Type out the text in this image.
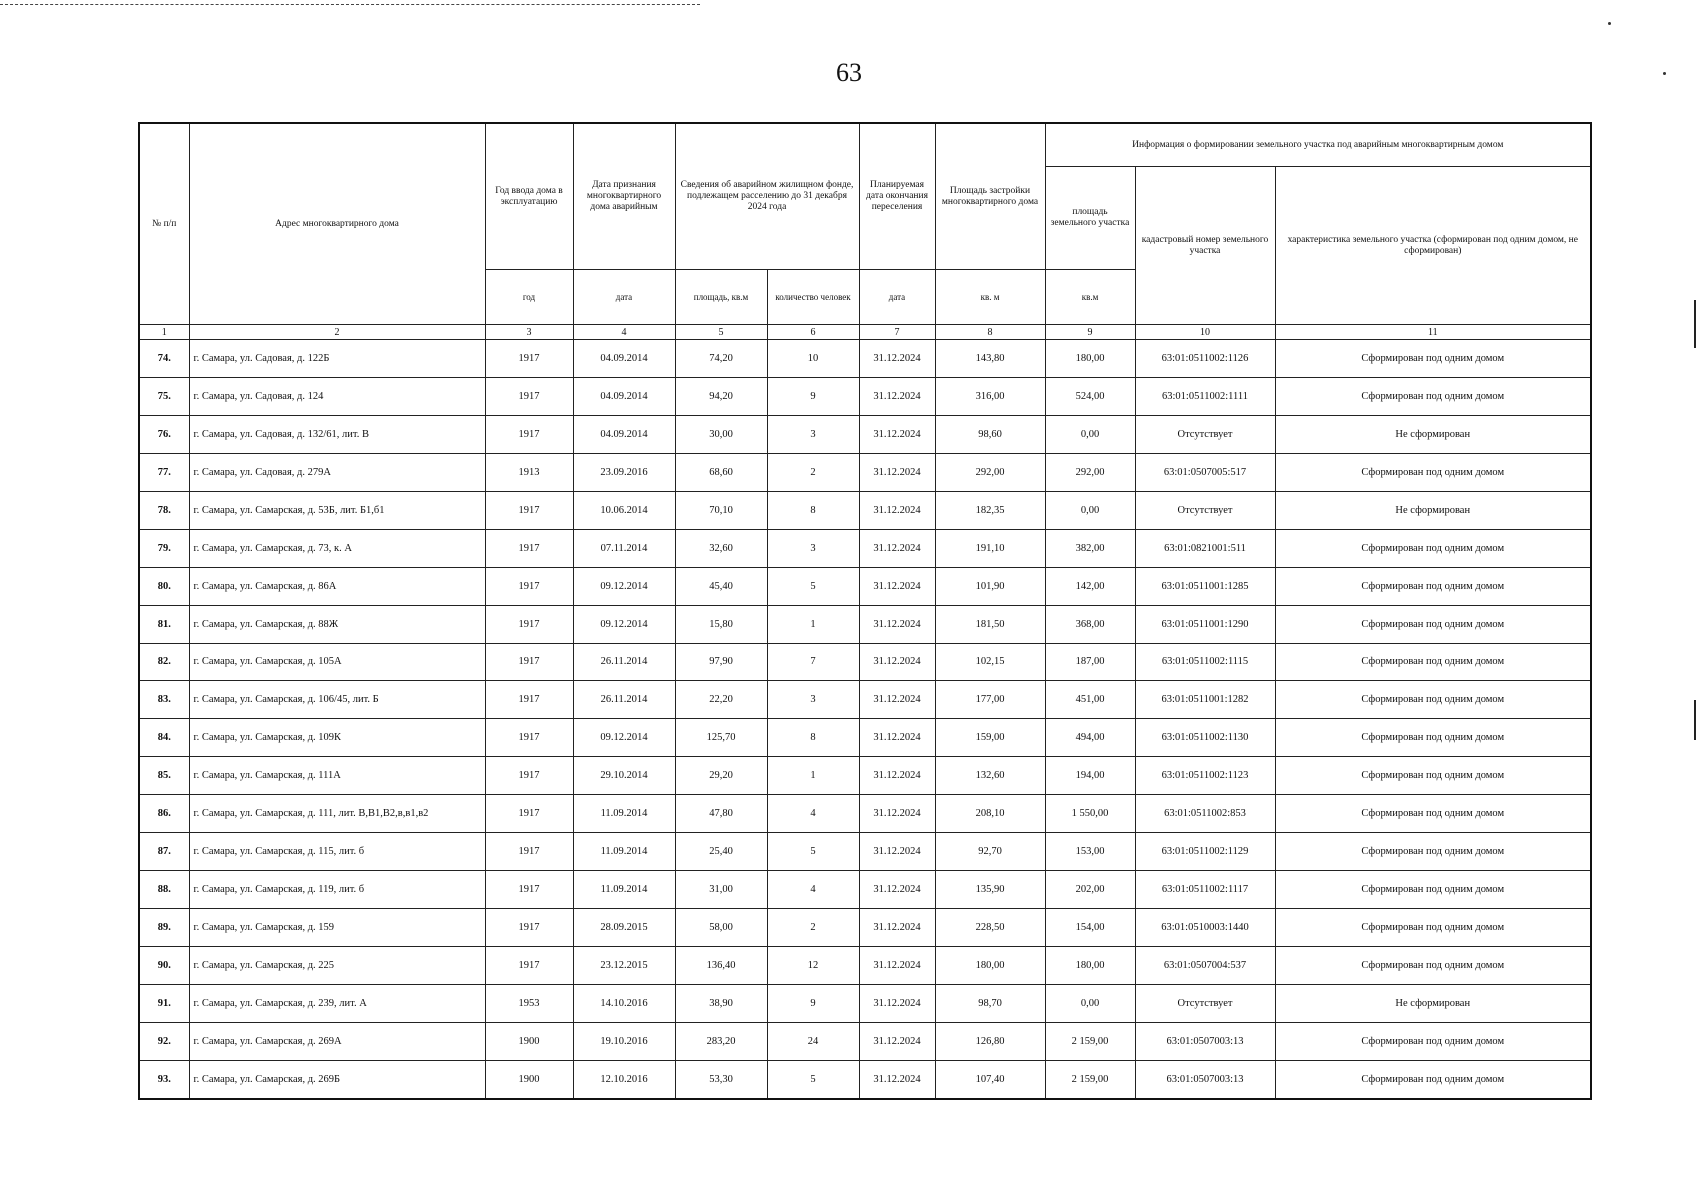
63
№ п/п	Адрес многоквартирного дома	Год ввода дома в эксплуатацию	Дата признания многоквартирного дома аварийным	Сведения об аварийном жилищном фонде, подлежащем расселению до 31 декабря 2024 года		Планируемая дата окончания переселения	Площадь застройки многоквартирного дома	Информация о формировании земельного участка под аварийным многоквартирным домом		
								площадь земельного участка	кадастровый номер земельного участка	характеристика земельного участка (сформирован под одним домом, не сформирован)
		год	дата	площадь, кв.м	количество человек	дата	кв. м	кв.м		
1	2	3	4	5	6	7	8	9	10	11
74.	г. Самара, ул. Садовая, д. 122Б	1917	04.09.2014	74,20	10	31.12.2024	143,80	180,00	63:01:0511002:1126	Сформирован под одним домом
75.	г. Самара, ул. Садовая, д. 124	1917	04.09.2014	94,20	9	31.12.2024	316,00	524,00	63:01:0511002:1111	Сформирован под одним домом
76.	г. Самара, ул. Садовая, д. 132/61, лит. В	1917	04.09.2014	30,00	3	31.12.2024	98,60	0,00	Отсутствует	Не сформирован
77.	г. Самара, ул. Садовая, д. 279А	1913	23.09.2016	68,60	2	31.12.2024	292,00	292,00	63:01:0507005:517	Сформирован под одним домом
78.	г. Самара, ул. Самарская, д. 53Б, лит. Б1,б1	1917	10.06.2014	70,10	8	31.12.2024	182,35	0,00	Отсутствует	Не сформирован
79.	г. Самара, ул. Самарская, д. 73, к. А	1917	07.11.2014	32,60	3	31.12.2024	191,10	382,00	63:01:0821001:511	Сформирован под одним домом
80.	г. Самара, ул. Самарская, д. 86А	1917	09.12.2014	45,40	5	31.12.2024	101,90	142,00	63:01:0511001:1285	Сформирован под одним домом
81.	г. Самара, ул. Самарская, д. 88Ж	1917	09.12.2014	15,80	1	31.12.2024	181,50	368,00	63:01:0511001:1290	Сформирован под одним домом
82.	г. Самара, ул. Самарская, д. 105А	1917	26.11.2014	97,90	7	31.12.2024	102,15	187,00	63:01:0511002:1115	Сформирован под одним домом
83.	г. Самара, ул. Самарская, д. 106/45, лит. Б	1917	26.11.2014	22,20	3	31.12.2024	177,00	451,00	63:01:0511001:1282	Сформирован под одним домом
84.	г. Самара, ул. Самарская, д. 109К	1917	09.12.2014	125,70	8	31.12.2024	159,00	494,00	63:01:0511002:1130	Сформирован под одним домом
85.	г. Самара, ул. Самарская, д. 111А	1917	29.10.2014	29,20	1	31.12.2024	132,60	194,00	63:01:0511002:1123	Сформирован под одним домом
86.	г. Самара, ул. Самарская, д. 111, лит. В,В1,В2,в,в1,в2	1917	11.09.2014	47,80	4	31.12.2024	208,10	1 550,00	63:01:0511002:853	Сформирован под одним домом
87.	г. Самара, ул. Самарская, д. 115, лит. б	1917	11.09.2014	25,40	5	31.12.2024	92,70	153,00	63:01:0511002:1129	Сформирован под одним домом
88.	г. Самара, ул. Самарская, д. 119, лит. б	1917	11.09.2014	31,00	4	31.12.2024	135,90	202,00	63:01:0511002:1117	Сформирован под одним домом
89.	г. Самара, ул. Самарская, д. 159	1917	28.09.2015	58,00	2	31.12.2024	228,50	154,00	63:01:0510003:1440	Сформирован под одним домом
90.	г. Самара, ул. Самарская, д. 225	1917	23.12.2015	136,40	12	31.12.2024	180,00	180,00	63:01:0507004:537	Сформирован под одним домом
91.	г. Самара, ул. Самарская, д. 239, лит. А	1953	14.10.2016	38,90	9	31.12.2024	98,70	0,00	Отсутствует	Не сформирован
92.	г. Самара, ул. Самарская, д. 269А	1900	19.10.2016	283,20	24	31.12.2024	126,80	2 159,00	63:01:0507003:13	Сформирован под одним домом
93.	г. Самара, ул. Самарская, д. 269Б	1900	12.10.2016	53,30	5	31.12.2024	107,40	2 159,00	63:01:0507003:13	Сформирован под одним домом
